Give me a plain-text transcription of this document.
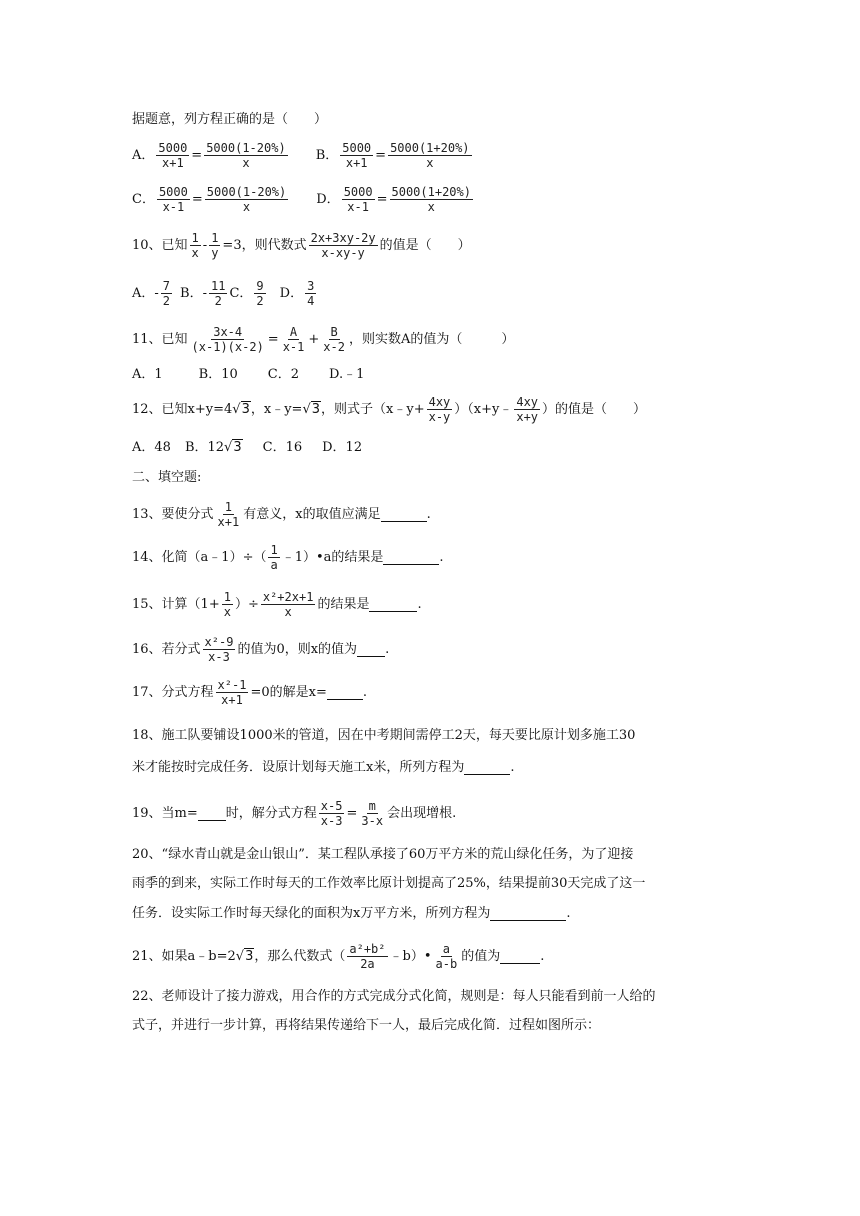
据题意，列方程正确的是（　　）
A． $\frac{5000}{x+1} = \frac{5000(1-20\%)}{x}$ B． $\frac{5000}{x+1} = \frac{5000(1+20\%)}{x}$
C． $\frac{5000}{x-1} = \frac{5000(1-20\%)}{x}$ D． $\frac{5000}{x-1} = \frac{5000(1+20\%)}{x}$
10、已知 $\frac{1}{x} - \frac{1}{y} =3$，则代数式 $\frac{2x+3xy-2y}{x-xy-y}$ 的值是（　　）
A． - $\frac{7}{2}$ B． - $\frac{11}{2}$ C． $\frac{9}{2}$ D． $\frac{3}{4}$
11、已知 $\frac{3x-4}{(x-1)(x-2)} = \frac{A}{x-1} + \frac{B}{x-2}$ ，则实数A的值为（　　　）
A．1	B．10 C．2 D.﹣1
12、已知x+y=4 √3 ，x﹣y= √3 ，则式子（x﹣y+ $\frac{4xy}{x-y}$ ）（x+y﹣ $\frac{4xy}{x+y}$ ）的值是（　　）
A．48 B．12√3 C．16 D．12
二、填空题:
13、要使分式 $\frac{1}{x+1}$ 有意义，x的取值应满足	.
14、化简（a﹣1）÷（ $\frac{1}{a}$ ﹣1）•a的结果是	.
15、计算（$1+ \frac{1}{x}$ ）÷ $\frac{\text{x²+2x+1}}{x}$ 的结果是	.
16、若分式 $\frac{\text{x²-9}}{x-3}$ 的值为0，则x的值为 .
17、分式方程 $\frac{\text{x²-1}}{x+1} =0$的解是x=	.
18、施工队要铺设1000米的管道，因在中考期间需停工2天，每天要比原计划多施工30
米才能按时完成任务．设原计划每天施工x米，所列方程为	.
19、当m= 时，解分式方程 $\frac{x-5}{x-3} = \frac{m}{3-x}$ 会出现增根.
20、“绿水青山就是金山银山”．某工程队承接了60万平方米的荒山绿化任务，为了迎接
雨季的到来，实际工作时每天的工作效率比原计划提高了25%，结果提前30天完成了这一
任务．设实际工作时每天绿化的面积为x万平方米，所列方程为	.
21、如果a﹣b=2 √3 ，那么代数式（ $\frac{\text{a²+b²}}{2a}$ ﹣b）• $\frac{a}{a-b}$ 的值为	.
22、老师设计了接力游戏，用合作的方式完成分式化简，规则是：每人只能看到前一人给的
式子，并进行一步计算，再将结果传递给下一人，最后完成化简．过程如图所示：
